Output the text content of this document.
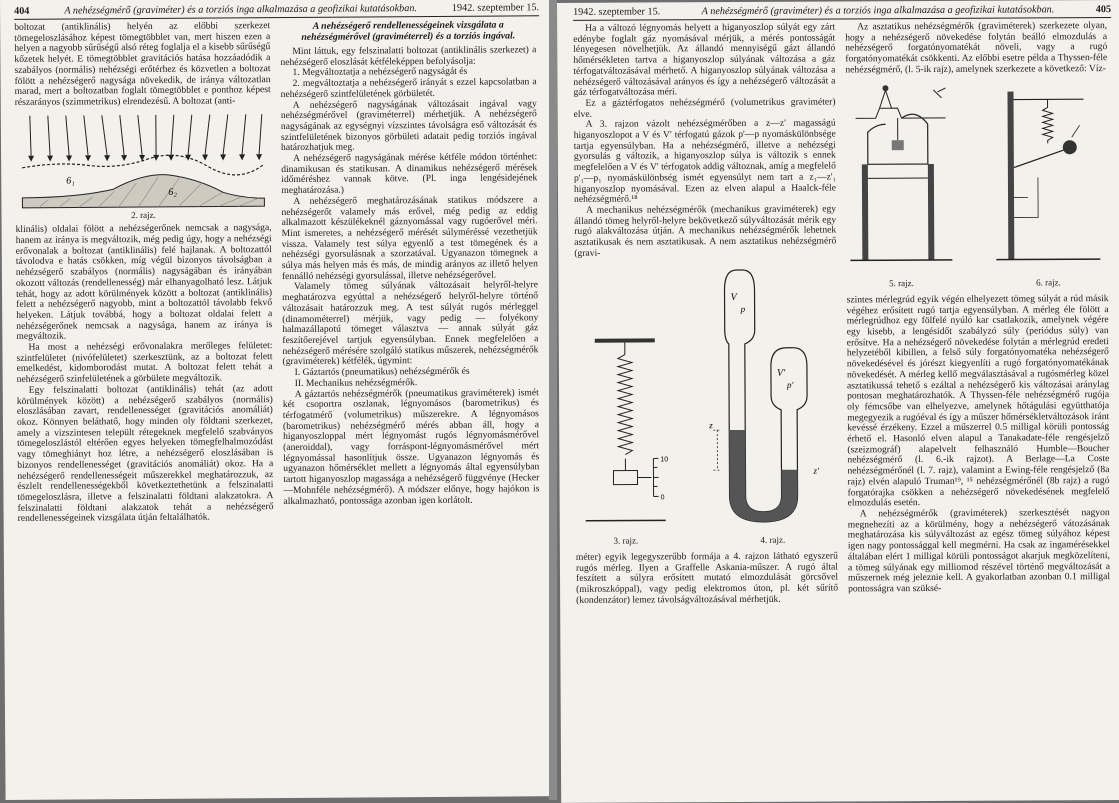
404	A nehézségmérő (graviméter) és a torziós inga alkalmazása a geofizikai kutatásokban.	1942. szeptember 15.

boltozat (antiklinális) helyén az előbbi szerkezet tömegeloszlásához képest tömegtöbblet van, mert hiszen ezen a helyen a nagyobb sűrűségű alsó réteg foglalja el a kisebb sűrűségű kőzetek helyét. E tömegtöbblet gravitációs hatása hozzáadódik a szabályos (normális) nehézségi erőtérhez és közvetlen a boltozat fölött a nehézségerő nagysága növekedik, de iránya változatlan marad, mert a boltozatban foglalt tömegtöbblet e ponthoz képest részarányos (szimmetrikus) elrendezésű. A boltozat (anti-

6₁
6₂
2. rajz.

klinális) oldalai fölött a nehézségerőnek nemcsak a nagysága, hanem az iránya is megváltozik, még pedig úgy, hogy a nehézségi erővonalak a boltozat (antiklinális) felé hajlanak. A boltozattól távolodva e hatás csökken, míg végül bizonyos távolságban a nehézségerő szabályos (normális) nagyságában és irányában okozott változás (rendellenesség) már elhanyagolható lesz. Látjuk tehát, hogy az adott körülmények között a boltozat (antiklinális) felett a nehézségerő nagyobb, mint a boltozattól távolabb fekvő helyeken. Látjuk továbbá, hogy a boltozat oldalai felett a nehézségerőnek nemcsak a nagysága, hanem az iránya is megváltozik.

Ha most a nehézségi erővonalakra merőleges felületet: szintfelületet (nivófelületet) szerkesztünk, az a boltozat felett emelkedést, kidomborodást mutat. A boltozat felett tehát a nehézségerő szinfelületének a görbülete megváltozik.

Egy felszinalatti boltozat (antiklinális) tehát (az adott körülmények között) a nehézségerő szabályos (normális) eloszlásában zavart, rendellenességet (gravitációs anomáliát) okoz. Könnyen beláthatő, hogy minden oly földtani szerkezet, amely a vizszintesen települt rétegeknek megfelelő szabványos tömegeloszlástól eltérően egyes helyeken tömegfelhalmozódást vagy tömeghiányt hoz létre, a nehézségerő eloszlásában is bizonyos rendellenességet (gravitációs anomáliát) okoz. Ha a nehézségerő rendellenességeit műszerekkel meghatározzuk, az észlelt rendellenességekből következtethetünk a felszinalatti tömegeloszlásra, illetve a felszinalatti földtani alakzatokra. A felszinalatti földtani alakzatok tehát a nehézségerő rendellenességeinek vizsgálata útján feltalálhatók.

A nehézségerő rendellenességeinek vizsgálata a nehézségmérővel (graviméterrel) és a torziós ingával.

Mint láttuk, egy felszinalatti boltozat (antiklinális szerkezet) a nehézségerő eloszlását kétféleképpen befolyásolja:

1. Megváltoztatja a nehézségerő nagyságát és

2. megváltoztatja a nehézségerő irányát s ezzel kapcsolatban a nehézségerő szintfelületének görbületét.

A nehézségerő nagyságának változásait ingával vagy nehézségmérővel (graviméterrel) mérhetjük. A nehézségerő nagyságának az egységnyi vízszintes távolságra eső változását és szintfelületének bizonyos görbületi adatait pedig torziós ingával határozhatjuk meg.

A nehézségerő nagyságának mérése kétféle módon történhet: dinamikusan és statikusan. A dinamikus nehézségerő mérések időméréshez vannak kötve. (Pl. inga lengésidejének meghatározása.)

A nehézségerő meghatározásának statikus módszere a nehézségerőt valamely más erővel, még pedig az eddig alkalmazott készülékeknél gáznyomással vagy rugóerővel méri. Mint ismeretes, a nehézségerő mérését súlyméréssé vezethetjük vissza. Valamely test súlya egyenlő a test tömegének és a nehézségi gyorsulásnak a szorzatával. Ugyanazon tömegnek a súlya más helyen más és más, de mindig arányos az illető helyen fennálló nehézségi gyorsulással, illetve nehézségerővel.

Valamely tömeg súlyának változásait helyről-helyre meghatározva egyúttal a nehézségerő helyről-helyre történő változásait határozzuk meg. A test súlyát rugós mérleggel (dinamométerrel) mérjük, vagy pedig — folyékony halmazállapotú tömeget választva — annak súlyát gáz feszítőerejével tartjuk egyensúlyban. Ennek megfelelően a nehézségerő mérésére szolgáló statikus műszerek, nehézségmérők (graviméterek) kétfélék, úgymint:

I. Gáztartós (pneumatikus) nehézségmérők és

II. Mechanikus nehézségmérők.

A gáztartós nehézségmérők (pneumatikus graviméterek) ismét két csoportra oszlanak, légnyomásos (barometrikus) és térfogatmérő (volumetrikus) műszerekre. A légnyomásos (barometrikus) nehézségmérő mérés abban áll, hogy a higanyoszloppal mért légnyomást rugós légnyomásmérővel (aneroiddal), vagy forráspont-légnyomásmérővel mért légnyomással hasonlítjuk össze. Ugyanazon légnyomás és ugyanazon hőmérséklet mellett a légnyomás által egyensúlyban tartott higanyoszlop magassága a nehézségerő függvénye (Hecker—Mohnféle nehézségmérő). A módszer előnye, hogy hajókon is alkalmazható, pontossága azonban igen korlátolt.

1942. szeptember 15.	A nehézségmérő (graviméter) és a torziós inga alkalmazása a geofizikai kutatásokban.	405

Ha a változó légnyomás helyett a higanyoszlop súlyát egy zárt edénybe foglalt gáz nyomásával mérjük, a mérés pontosságát lényegesen növelhetjük. Az állandó mennyiségű gázt állandó hőmérsékleten tartva a higanyoszlop súlyának változása a gáz térfogatváltozásával mérhető. A higanyoszlop súlyának változása a nehézségerő változásával arányos és így a nehézségerő változását a gáz térfogatváltozása méri.

Ez a gáztérfogatos nehézségmérő (volumetrikus graviméter) elve.

A 3. rajzon vázolt nehézségmérőben a z—z' magasságú higanyoszlopot a V és V' térfogatú gázok p'—p nyomáskülönbsége tartja egyensúlyban. Ha a nehézségmérő, illetve a nehézségi gyorsulás g változik, a higanyoszlop súlya is változik s ennek megfelelően a V és V' térfogatok addig változnak, amíg a megfelelő p'₁—p₁ nyomáskülönbség ismét egyensúlyt nem tart a z₁—z'₁ higanyoszlop nyomásával. Ezen az elven alapul a Haalck-féle nehézségmérő.¹⁸

A mechanikus nehézségmérők (mechanikus graviméterek) egy állandó tömeg helyről-helyre bekövetkező súlyváltozását mérik egy rugó alakváltozása útján. A mechanikus nehézségmérők lehetnek asztatikusak és nem asztatikusak. A nem asztatikus nehézségmérő (gravi-

10
0
3. rajz.
V
p
V'
p'
z
z'
4. rajz.

méter) egyik legegyszerűbb formája a 4. rajzon látható egyszerű rugós mérleg. Ilyen a Graffelle Askania-műszer. A rugó által feszített a súlyra erősített mutató elmozdulását görcsővel (mikroszkóppal), vagy pedig elektromos úton, pl. két sűrítő (kondenzátor) lemez távolságváltozásával mérhetjük.

Az asztatikus nehézségmérők (graviméterek) szerkezete olyan, hogy a nehézségerő növekedése folytán beálló elmozdulás a nehézségerő forgatónyomatékát növeli, vagy a rugó forgatónyomatékát csökkenti. Az előbbi esetre példa a Thyssen-féle nehézségmérő, (l. 5-ik rajz), amelynek szerkezete a következő: Víz-

5. rajz.	6. rajz.

szintes mérlegrúd egyik végén elhelyezett tömeg súlyát a rúd másik végéhez erősített rugó tartja egyensúlyban. A mérleg éle fölött a mérlegrúdhoz egy fölfelé nyúló kar csatlakozik, amelynek végére egy kisebb, a lengésidőt szabályzó súly (periódus súly) van erősítve. Ha a nehézségerő növekedése folytán a mérlegrúd eredeti helyzetéből kibillen, a felső súly forgatónyomatéka nehézségerő növekedésével és jórészt kiegyenlíti a rugó forgatónyomatékának növekedését. A mérleg kellő megválasztásával a rugósmérleg közel asztatikussá tehető s ezáltal a nehézségerő kis változásai aránylag pontosan meghatározhatók. A Thyssen-féle nehézségmérő rugója oly fémcsőbe van elhelyezve, amelynek hőtágulási együtthatója megegyezik a rugóéval és így a műszer hőmérsékletváltozások iránt kevéssé érzékeny. Ezzel a műszerrel 0.5 milligal körüli pontosság érhető el. Hasonló elven alapul a Tanakadate-féle rengésjelző (szeizmográf) alapelvelt felhasználó Humble—Boucher nehézségmérő (l. 6.-ik rajzot). A Berlage—La Coste nehézségmérőnél (l. 7. rajz), valamint a Ewing-féle rengésjelző (8a rajz) elvén alapuló Truman¹⁹, ¹⁵ nehézségmérőnél (8b rajz) a rugó forgatórajka csökken a nehézségerő növekedésének megfelelő elmozdulás esetén.

A nehézségmérők (graviméterek) szerkesztését nagyon megnehezíti az a körülmény, hogy a nehézségerő vátozásának meghatározása kis súlyváltozást az egész tömeg súlyához képest igen nagy pontossággal kell megmérni. Ha csak az ingamérésekkel általában elért 1 milligal körüli pontosságot akarjuk megközelíteni, a tömeg súlyának egy milliomod részével történő megváltozását a műszernek még jeleznie kell. A gyakorlatban azonban 0.1 milligal pontosságra van szüksé-
